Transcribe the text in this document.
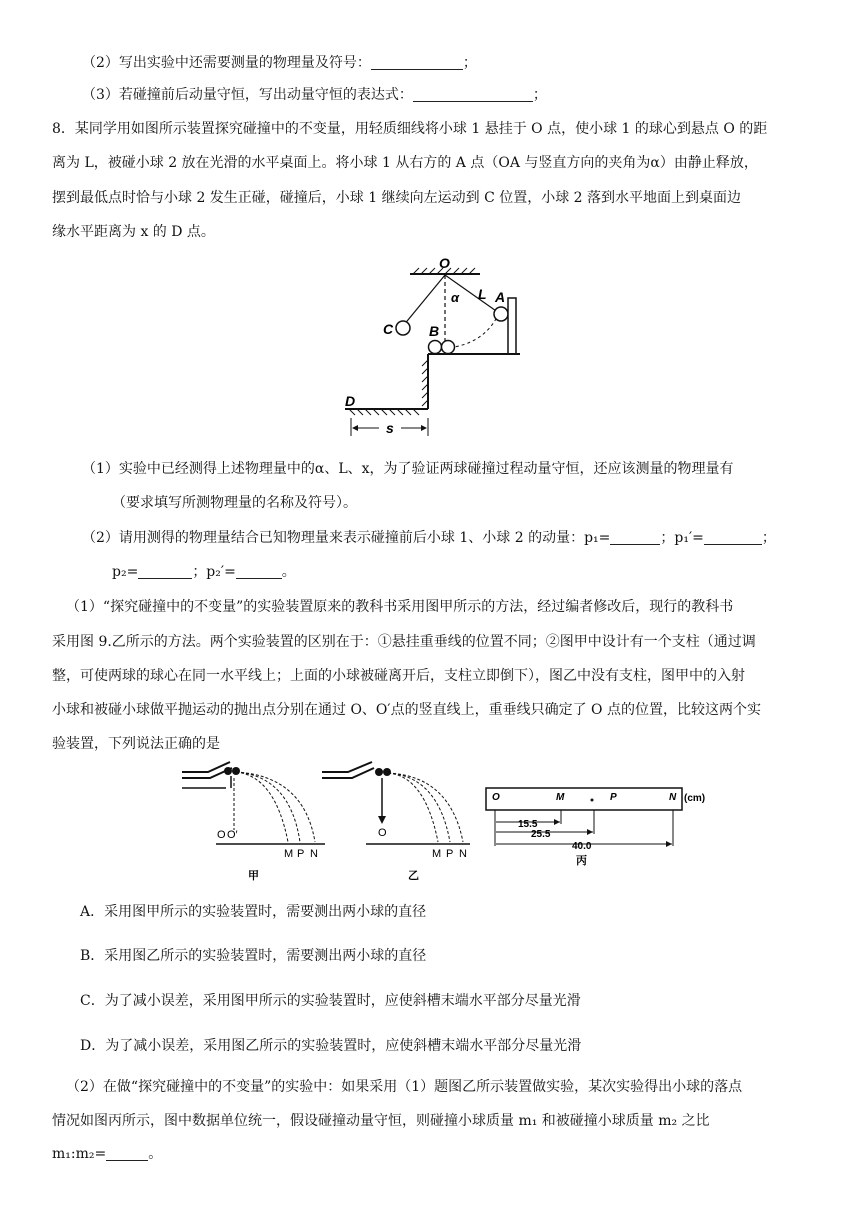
（2）写出实验中还需要测量的物理量及符号：	；
（3）若碰撞前后动量守恒，写出动量守恒的表达式：	；
8．某同学用如图所示装置探究碰撞中的不变量，用轻质细线将小球 1 悬挂于 O 点，使小球 1 的球心到悬点 O 的距
离为 L，被碰小球 2 放在光滑的水平桌面上。将小球 1 从右方的 A 点（OA 与竖直方向的夹角为α）由静止释放，
摆到最低点时恰与小球 2 发生正碰，碰撞后，小球 1 继续向左运动到 C 位置，小球 2 落到水平地面上到桌面边
缘水平距离为 x 的 D 点。
O
α L A
C	B
D
s
（1）实验中已经测得上述物理量中的α、L、x，为了验证两球碰撞过程动量守恒，还应该测量的物理量有
（要求填写所测物理量的名称及符号）。
（2）请用测得的物理量结合已知物理量来表示碰撞前后小球 1、小球 2 的动量：p₁=	；p₁′=	；
p₂=	；p₂′=	。
（1）“探究碰撞中的不变量”的实验装置原来的教科书采用图甲所示的方法，经过编者修改后，现行的教科书
采用图 9.乙所示的方法。两个实验装置的区别在于：①悬挂重垂线的位置不同；②图甲中设计有一个支柱（通过调
整，可使两球的球心在同一水平线上；上面的小球被碰离开后，支柱立即倒下），图乙中没有支柱，图甲中的入射
小球和被碰小球做平抛运动的抛出点分别在通过 O、O′点的竖直线上，重垂线只确定了 O 点的位置，比较这两个实
验装置，下列说法正确的是
O O′
M P N
甲
O
M P N
乙
O	M	P	N (cm)
15.5
25.5
40.0
丙
A．采用图甲所示的实验装置时，需要测出两小球的直径
B．采用图乙所示的实验装置时，需要测出两小球的直径
C．为了减小误差，采用图甲所示的实验装置时，应使斜槽末端水平部分尽量光滑
D．为了减小误差，采用图乙所示的实验装置时，应使斜槽末端水平部分尽量光滑
（2）在做“探究碰撞中的不变量”的实验中：如果采用（1）题图乙所示装置做实验，某次实验得出小球的落点
情况如图丙所示，图中数据单位统一，假设碰撞动量守恒，则碰撞小球质量 m₁ 和被碰撞小球质量 m₂ 之比
m₁:m₂=	。
